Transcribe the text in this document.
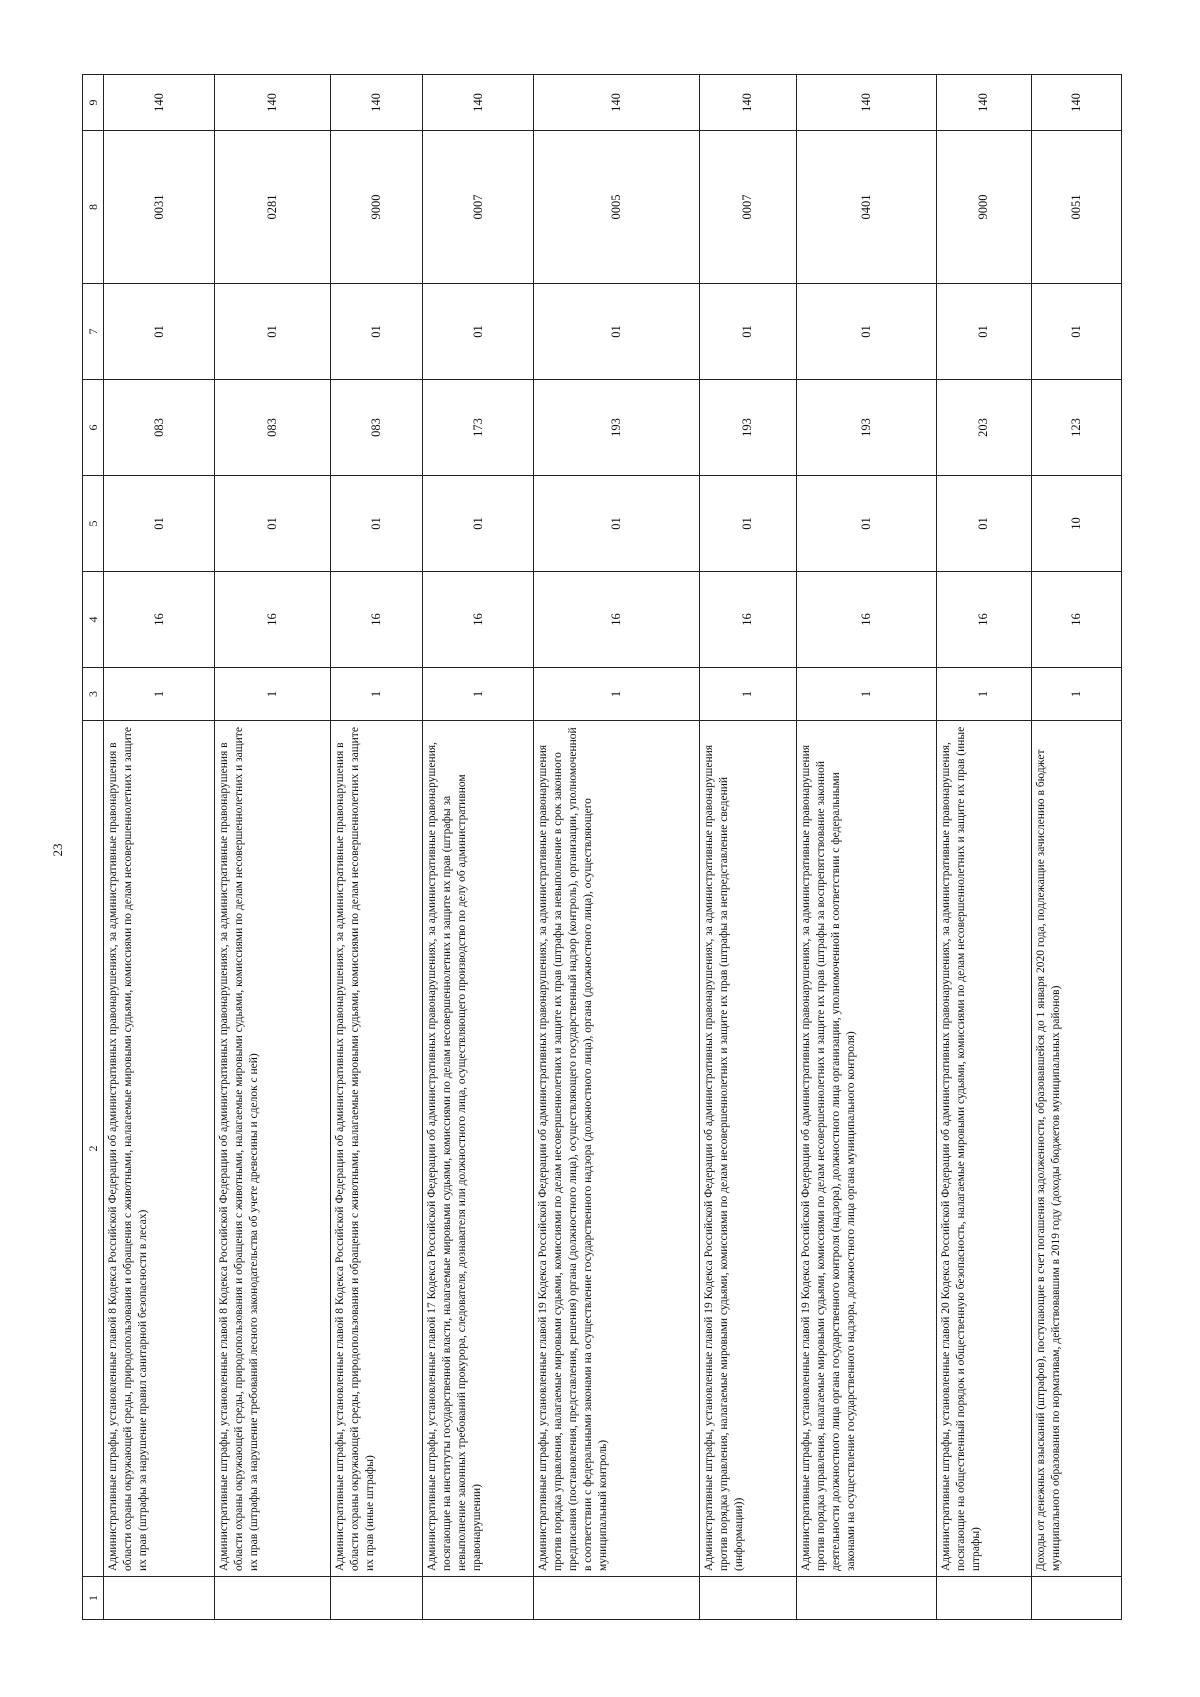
23
1	2	3	4	5	6	7	8	9
	Административные штрафы, установленные главой 8 Кодекса Российской Федерации об административных правонарушениях, за административные правонарушения в области охраны окружающей среды, природопользования и обращения с животными, налагаемые мировыми судьями, комиссиями по делам несовершеннолетних и защите их прав (штрафы за нарушение правил санитарной безопасности в лесах)	1	16	01	083	01	0031	140
	Административные штрафы, установленные главой 8 Кодекса Российской Федерации об административных правонарушениях, за административные правонарушения в области охраны окружающей среды, природопользования и обращения с животными, налагаемые мировыми судьями, комиссиями по делам несовершеннолетних и защите их прав (штрафы за нарушение требований лесного законодательства об учете древесины и сделок с ней)	1	16	01	083	01	0281	140
	Административные штрафы, установленные главой 8 Кодекса Российской Федерации об административных правонарушениях, за административные правонарушения в области охраны окружающей среды, природопользования и обращения с животными, налагаемые мировыми судьями, комиссиями по делам несовершеннолетних и защите их прав (иные штрафы)	1	16	01	083	01	9000	140
	Административные штрафы, установленные главой 17 Кодекса Российской Федерации об административных правонарушениях, за административные правонарушения, посягающие на институты государственной власти, налагаемые мировыми судьями, комиссиями по делам несовершеннолетних и защите их прав (штрафы за невыполнение законных требований прокурора, следователя, дознавателя или должностного лица, осуществляющего производство по делу об административном правонарушении)	1	16	01	173	01	0007	140
	Административные штрафы, установленные главой 19 Кодекса Российской Федерации об административных правонарушениях, за административные правонарушения против порядка управления, налагаемые мировыми судьями, комиссиями по делам несовершеннолетних и защите их прав (штрафы за невыполнение в срок законного предписания (постановления, представления, решения) органа (должностного лица), осуществляющего государственный надзор (контроль), организации, уполномоченной в соответствии с федеральными законами на осуществление государственного надзора (должностного лица), органа (должностного лица), осуществляющего муниципальный контроль)	1	16	01	193	01	0005	140
	Административные штрафы, установленные главой 19 Кодекса Российской Федерации об административных правонарушениях, за административные правонарушения против порядка управления, налагаемые мировыми судьями, комиссиями по делам несовершеннолетних и защите их прав (штрафы за непредставление сведений (информации))	1	16	01	193	01	0007	140
	Административные штрафы, установленные главой 19 Кодекса Российской Федерации об административных правонарушениях, за административные правонарушения против порядка управления, налагаемые мировыми судьями, комиссиями по делам несовершеннолетних и защите их прав (штрафы за воспрепятствование законной деятельности должностного лица органа государственного контроля (надзора), должностного лица организации, уполномоченной в соответствии с федеральными законами на осуществление государственного надзора, должностного лица органа муниципального контроля)	1	16	01	193	01	0401	140
	Административные штрафы, установленные главой 20 Кодекса Российской Федерации об административных правонарушениях, за административные правонарушения, посягающие на общественный порядок и общественную безопасность, налагаемые мировыми судьями, комиссиями по делам несовершеннолетних и защите их прав (иные штрафы)	1	16	01	203	01	9000	140
	Доходы от денежных взысканий (штрафов), поступающие в счет погашения задолженности, образовавшейся до 1 января 2020 года, подлежащие зачислению в бюджет муниципального образования по нормативам, действовавшим в 2019 году (доходы бюджетов муниципальных районов)	1	16	10	123	01	0051	140
